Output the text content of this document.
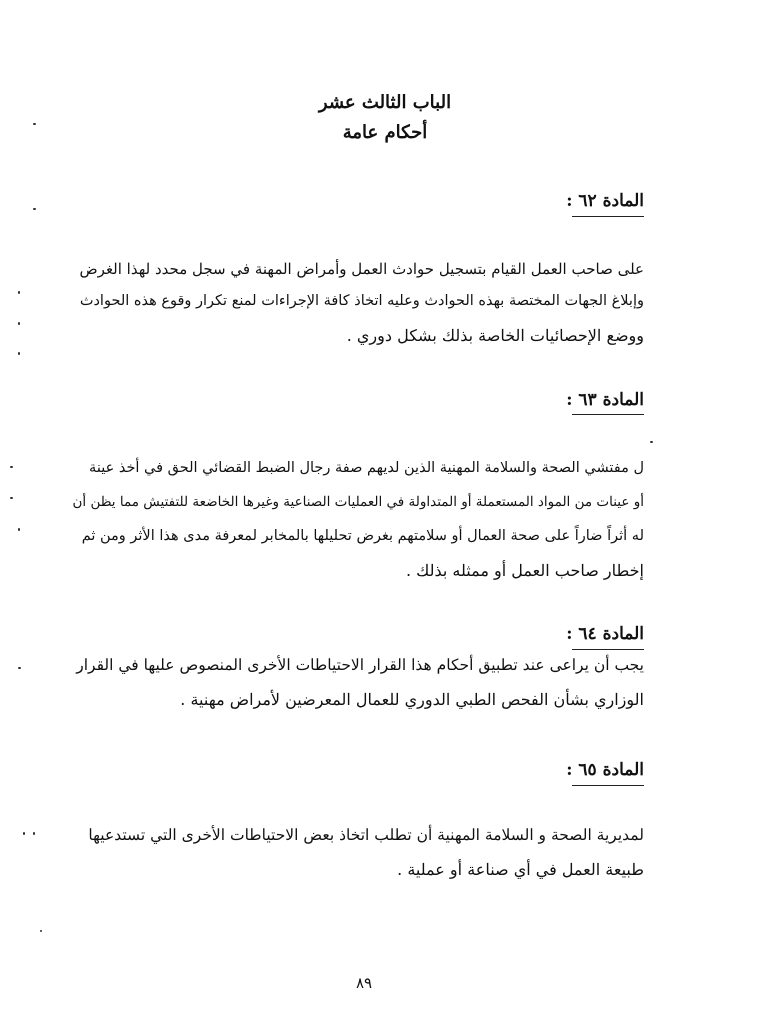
الباب الثالث عشر
أحكام عامة
المادة ٦٢ :
على صاحب العمل القيام بتسجيل حوادث العمل وأمراض المهنة في سجل محدد لهذا الغرض
وإبلاغ الجهات المختصة بهذه الحوادث وعليه اتخاذ كافة الإجراءات لمنع تكرار وقوع هذه الحوادث
ووضع الإحصائيات الخاصة بذلك بشكل دوري .
المادة ٦٣ :
ل مفتشي الصحة والسلامة المهنية الذين لديهم صفة رجال الضبط القضائي الحق في أخذ عينة
أو عينات من المواد المستعملة أو المتداولة في العمليات الصناعية وغيرها الخاضعة للتفتيش مما يظن أن
له أثراً ضاراً على صحة العمال أو سلامتهم بغرض تحليلها بالمخابر لمعرفة مدى هذا الأثر ومن ثم
إخطار صاحب العمل أو ممثله بذلك .
المادة ٦٤ :
يجب أن يراعى عند تطبيق أحكام هذا القرار الاحتياطات الأخرى المنصوص عليها في القرار
الوزاري بشأن الفحص الطبي الدوري للعمال المعرضين لأمراض مهنية .
المادة ٦٥ :
لمديرية الصحة و السلامة المهنية أن تطلب اتخاذ بعض الاحتياطات الأخرى التي تستدعيها
طبيعة العمل في أي صناعة أو عملية .
٨٩
